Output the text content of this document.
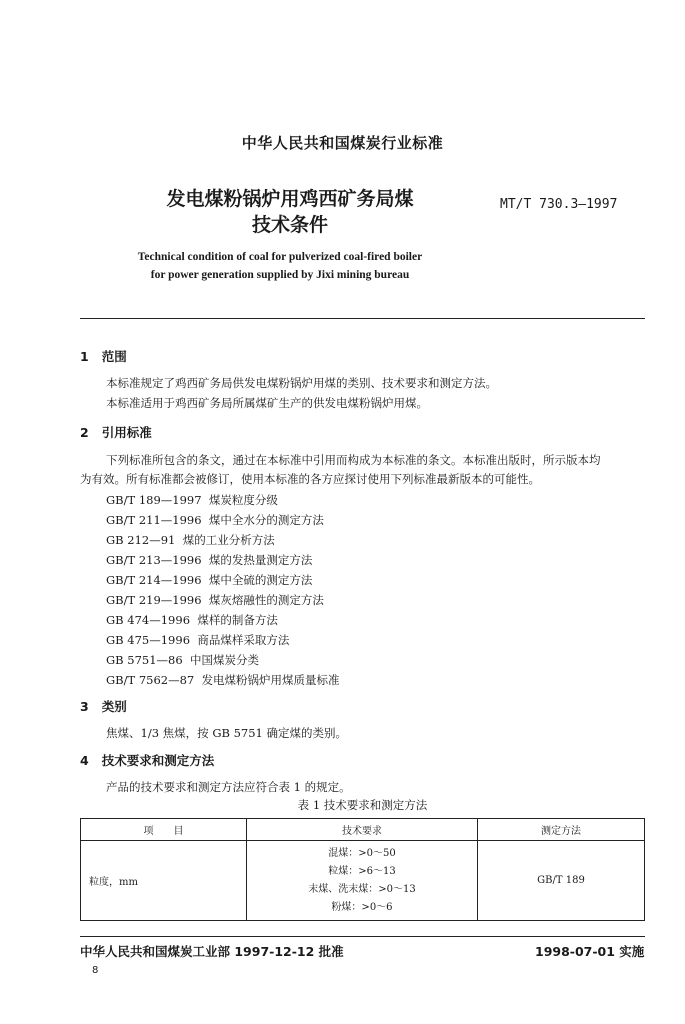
中华人民共和国煤炭行业标准
发电煤粉锅炉用鸡西矿务局煤
技术条件
MT/T 730.3—1997
Technical condition of coal for pulverized coal-fired boiler
for power generation supplied by Jixi mining bureau
1 范围
本标准规定了鸡西矿务局供发电煤粉锅炉用煤的类别、技术要求和测定方法。
本标准适用于鸡西矿务局所属煤矿生产的供发电煤粉锅炉用煤。
2 引用标准
下列标准所包含的条文，通过在本标准中引用而构成为本标准的条文。本标准出版时，所示版本均
为有效。所有标准都会被修订，使用本标准的各方应探讨使用下列标准最新版本的可能性。
GB/T 189—1997 煤炭粒度分级
GB/T 211—1996 煤中全水分的测定方法
GB 212—91 煤的工业分析方法
GB/T 213—1996 煤的发热量测定方法
GB/T 214—1996 煤中全硫的测定方法
GB/T 219—1996 煤灰熔融性的测定方法
GB 474—1996 煤样的制备方法
GB 475—1996 商品煤样采取方法
GB 5751—86 中国煤炭分类
GB/T 7562—87 发电煤粉锅炉用煤质量标准
3 类别
焦煤、1/3 焦煤，按 GB 5751 确定煤的类别。
4 技术要求和测定方法
产品的技术要求和测定方法应符合表 1 的规定。
表 1 技术要求和测定方法
项　　目	技术要求	测定方法
粒度，mm	混煤：>0～50
粒煤：>6～13
末煤、洗末煤：>0～13
粉煤：>0～6	GB/T 189
中华人民共和国煤炭工业部 1997-12-12 批准	1998-07-01 实施
8
